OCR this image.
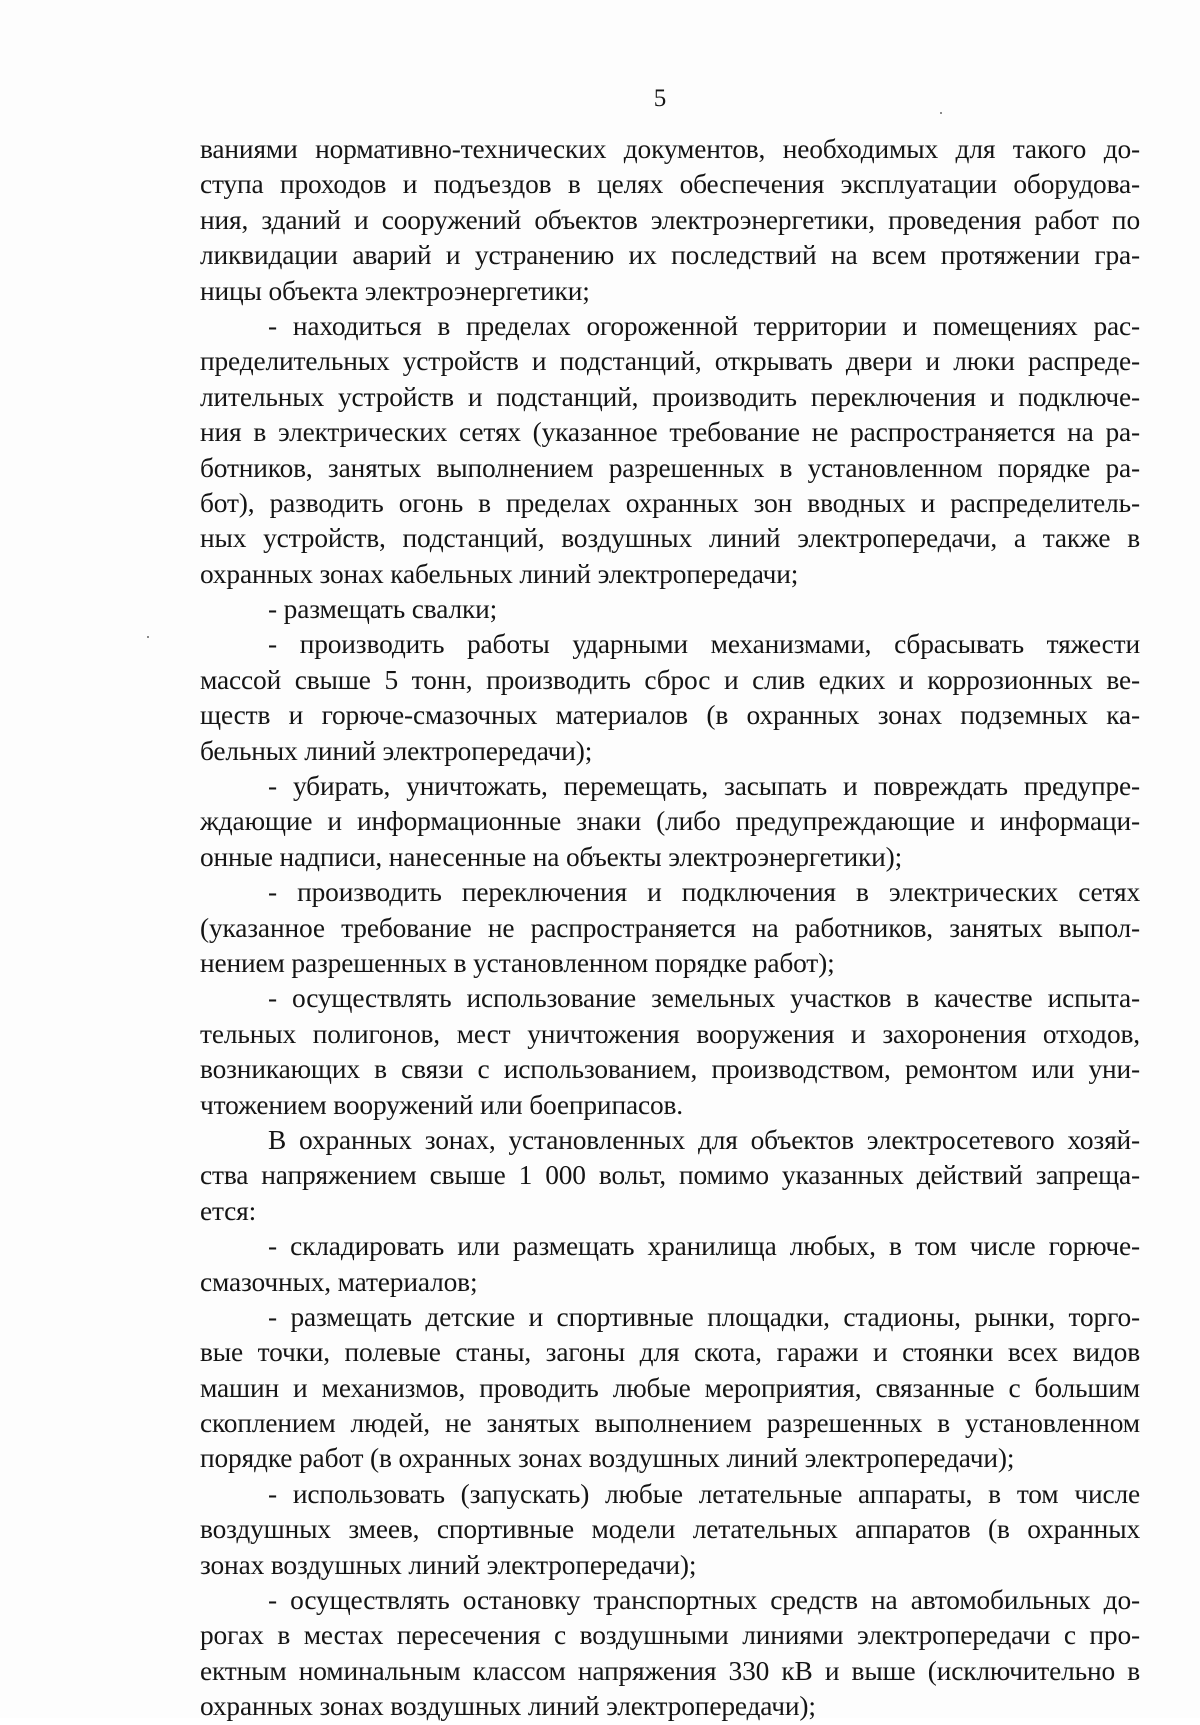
5
ваниями нормативно-технических документов, необходимых для такого до-
ступа проходов и подъездов в целях обеспечения эксплуатации оборудова-
ния, зданий и сооружений объектов электроэнергетики, проведения работ по
ликвидации аварий и устранению их последствий на всем протяжении гра-
ницы объекта электроэнергетики;
- находиться в пределах огороженной территории и помещениях рас-
пределительных устройств и подстанций, открывать двери и люки распреде-
лительных устройств и подстанций, производить переключения и подключе-
ния в электрических сетях (указанное требование не распространяется на ра-
ботников, занятых выполнением разрешенных в установленном порядке ра-
бот), разводить огонь в пределах охранных зон вводных и распределитель-
ных устройств, подстанций, воздушных линий электропередачи, а также в
охранных зонах кабельных линий электропередачи;
- размещать свалки;
- производить работы ударными механизмами, сбрасывать тяжести
массой свыше 5 тонн, производить сброс и слив едких и коррозионных ве-
ществ и горюче-смазочных материалов (в охранных зонах подземных ка-
бельных линий электропередачи);
- убирать, уничтожать, перемещать, засыпать и повреждать предупре-
ждающие и информационные знаки (либо предупреждающие и информаци-
онные надписи, нанесенные на объекты электроэнергетики);
- производить переключения и подключения в электрических сетях
(указанное требование не распространяется на работников, занятых выпол-
нением разрешенных в установленном порядке работ);
- осуществлять использование земельных участков в качестве испыта-
тельных полигонов, мест уничтожения вооружения и захоронения отходов,
возникающих в связи с использованием, производством, ремонтом или уни-
чтожением вооружений или боеприпасов.
В охранных зонах, установленных для объектов электросетевого хозяй-
ства напряжением свыше 1 000 вольт, помимо указанных действий запреща-
ется:
- складировать или размещать хранилища любых, в том числе горюче-
смазочных, материалов;
- размещать детские и спортивные площадки, стадионы, рынки, торго-
вые точки, полевые станы, загоны для скота, гаражи и стоянки всех видов
машин и механизмов, проводить любые мероприятия, связанные с большим
скоплением людей, не занятых выполнением разрешенных в установленном
порядке работ (в охранных зонах воздушных линий электропередачи);
- использовать (запускать) любые летательные аппараты, в том числе
воздушных змеев, спортивные модели летательных аппаратов (в охранных
зонах воздушных линий электропередачи);
- осуществлять остановку транспортных средств на автомобильных до-
рогах в местах пересечения с воздушными линиями электропередачи с про-
ектным номинальным классом напряжения 330 кВ и выше (исключительно в
охранных зонах воздушных линий электропередачи);
